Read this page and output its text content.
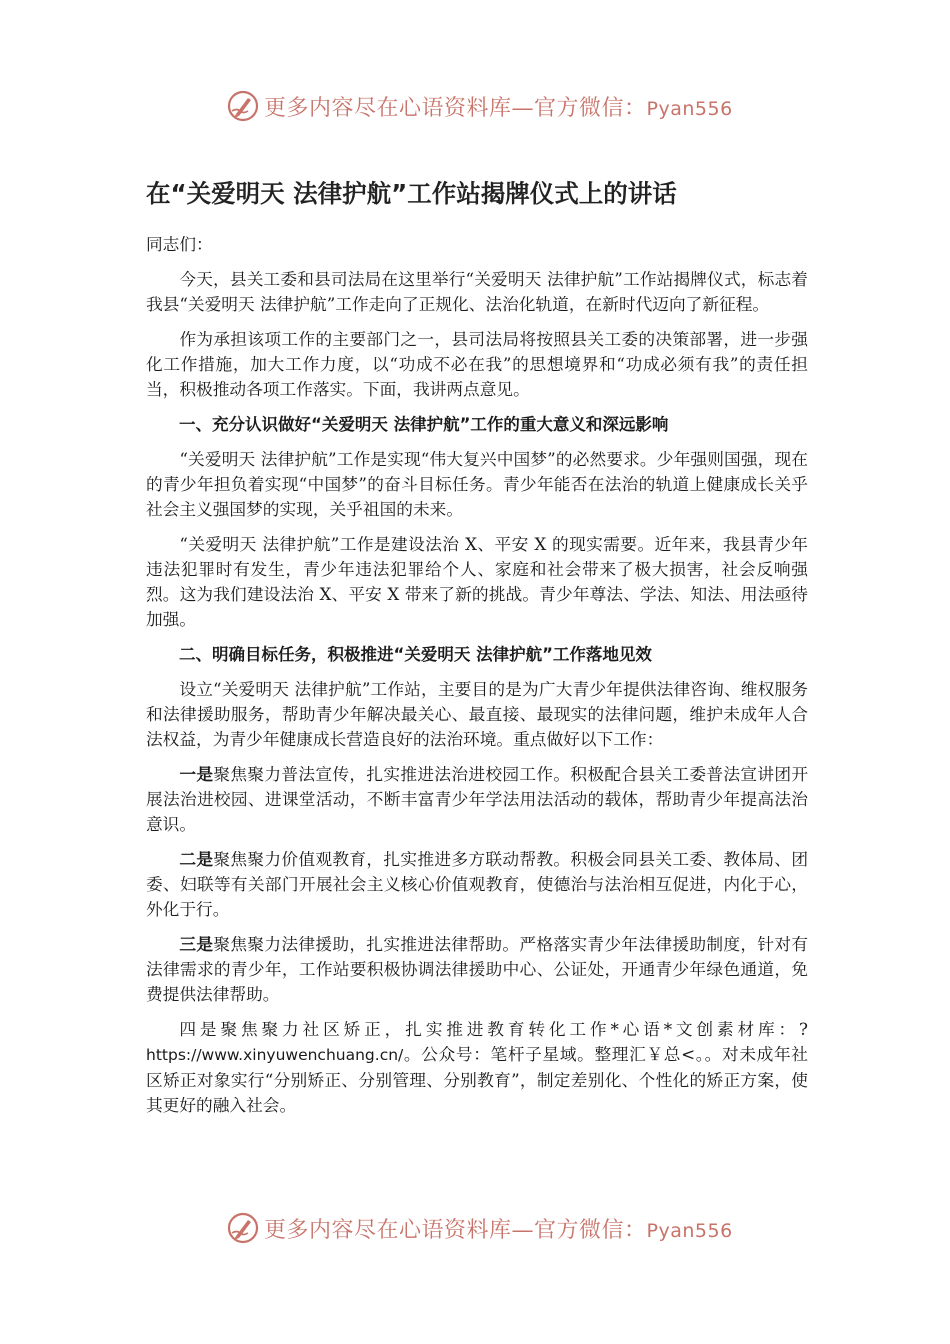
更多内容尽在心语资料库—官方微信：Pyan556
在“关爱明天 法律护航”工作站揭牌仪式上的讲话

同志们：

今天，县关工委和县司法局在这里举行“关爱明天 法律护航”工作站揭牌仪式，标志着我县“关爱明天 法律护航”工作走向了正规化、法治化轨道，在新时代迈向了新征程。

作为承担该项工作的主要部门之一，县司法局将按照县关工委的决策部署，进一步强化工作措施，加大工作力度，以“功成不必在我”的思想境界和“功成必须有我”的责任担当，积极推动各项工作落实。下面，我讲两点意见。

一、充分认识做好“关爱明天 法律护航”工作的重大意义和深远影响

“关爱明天 法律护航”工作是实现“伟大复兴中国梦”的必然要求。少年强则国强，现在的青少年担负着实现“中国梦”的奋斗目标任务。青少年能否在法治的轨道上健康成长关乎社会主义强国梦的实现，关乎祖国的未来。

“关爱明天 法律护航”工作是建设法治 X、平安 X 的现实需要。近年来，我县青少年违法犯罪时有发生，青少年违法犯罪给个人、家庭和社会带来了极大损害，社会反响强烈。这为我们建设法治 X、平安 X 带来了新的挑战。青少年尊法、学法、知法、用法亟待加强。

二、明确目标任务，积极推进“关爱明天 法律护航”工作落地见效

设立“关爱明天 法律护航”工作站，主要目的是为广大青少年提供法律咨询、维权服务和法律援助服务，帮助青少年解决最关心、最直接、最现实的法律问题，维护未成年人合法权益，为青少年健康成长营造良好的法治环境。重点做好以下工作：

一是聚焦聚力普法宣传，扎实推进法治进校园工作。积极配合县关工委普法宣讲团开展法治进校园、进课堂活动，不断丰富青少年学法用法活动的载体，帮助青少年提高法治意识。

二是聚焦聚力价值观教育，扎实推进多方联动帮教。积极会同县关工委、教体局、团委、妇联等有关部门开展社会主义核心价值观教育，使德治与法治相互促进，内化于心，外化于行。

三是聚焦聚力法律援助，扎实推进法律帮助。严格落实青少年法律援助制度，针对有法律需求的青少年，工作站要积极协调法律援助中心、公证处，开通青少年绿色通道，免费提供法律帮助。

四是聚焦聚力社区矫正，扎实推进教育转化工作*心语*文创素材库：?https://www.xinyuwenchuang.cn/。公众号：笔杆子星域。整理汇￥总<。。对未成年社区矫正对象实行“分别矫正、分别管理、分别教育”，制定差别化、个性化的矫正方案，使其更好的融入社会。

更多内容尽在心语资料库—官方微信：Pyan556
